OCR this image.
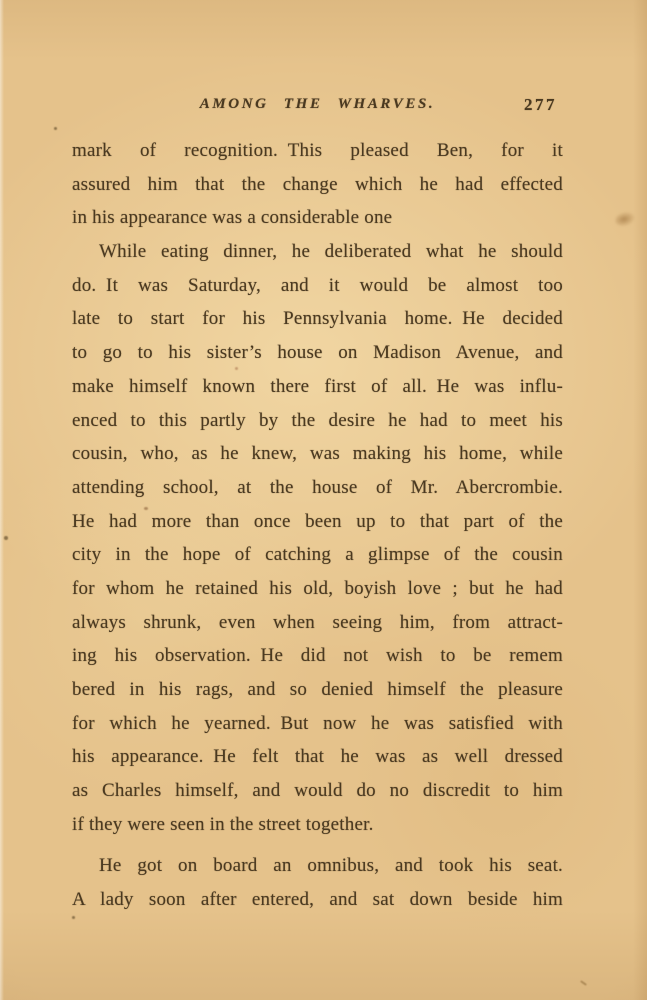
AMONG THE WHARVES.	277
mark of recognition. This pleased Ben, for it
assured him that the change which he had effected
in his appearance was a considerable one
While eating dinner, he deliberated what he should
do. It was Saturday, and it would be almost too
late to start for his Pennsylvania home. He decided
to go to his sister’s house on Madison Avenue, and
make himself known there first of all. He was influ-
enced to this partly by the desire he had to meet his
cousin, who, as he knew, was making his home, while
attending school, at the house of Mr. Abercrombie.
He had more than once been up to that part of the
city in the hope of catching a glimpse of the cousin
for whom he retained his old, boyish love ; but he had
always shrunk, even when seeing him, from attract-
ing his observation. He did not wish to be remem
bered in his rags, and so denied himself the pleasure
for which he yearned. But now he was satisfied with
his appearance. He felt that he was as well dressed
as Charles himself, and would do no discredit to him
if they were seen in the street together.
He got on board an omnibus, and took his seat.
A lady soon after entered, and sat down beside him
